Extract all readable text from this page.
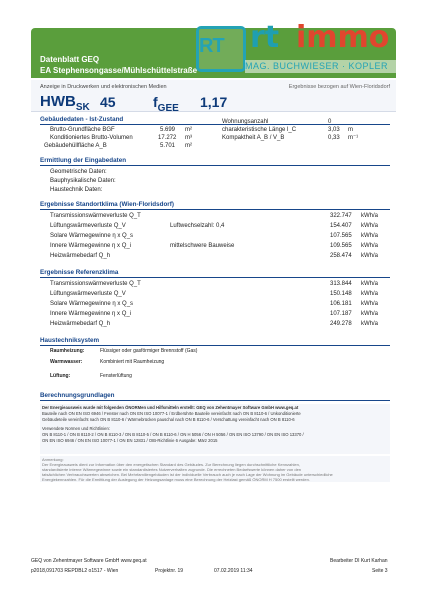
Datenblatt GEQ
EA Stephensongasse/Mühlschüttelstraße
RT rt immo
MAG. BUCHWIESER · KOPLER
Anzeige in Druckwerken und elektronischen Medien	Ergebnisse bezogen auf Wien-Floridsdorf
$HWB_{SK}$ 45	$f_{GEE}$ 1,17
Gebäudedaten - Ist-Zustand
Brutto-Grundfläche BGF	5.699 m²
Konditioniertes Brutto-Volumen	17.272 m³
Gebäudehüllfläche A_B	5.701 m²
Wohnungsanzahl	0
charakteristische Länge l_C	3,03 m
Kompaktheit A_B / V_B	0,33 m⁻¹
Ermittlung der Eingabedaten
Geometrische Daten:
Bauphysikalische Daten:
Haustechnik Daten:
Ergebnisse Standortklima (Wien-Floridsdorf)
Transmissionswärmeverluste Q_T	322.747 kWh/a
Lüftungswärmeverluste Q_V	Luftwechselzahl: 0,4	154.407 kWh/a
Solare Wärmegewinne η x Q_s	107.565 kWh/a
Innere Wärmegewinne η x Q_i	mittelschwere Bauweise	109.565 kWh/a
Heizwärmebedarf Q_h	258.474 kWh/a
Ergebnisse Referenzklima
Transmissionswärmeverluste Q_T	313.844 kWh/a
Lüftungswärmeverluste Q_V	150.148 kWh/a
Solare Wärmegewinne η x Q_s	106.181 kWh/a
Innere Wärmegewinne η x Q_i	107.187 kWh/a
Heizwärmebedarf Q_h	249.278 kWh/a
Haustechniksystem
Raumheizung:	Flüssiger oder gasförmiger Brennstoff (Gas)
Warmwasser:	Kombiniert mit Raumheizung
Lüftung:	Fensterlüftung
Berechnungsgrundlagen
Der Energieausweis wurde mit folgenden ÖNORMen und Hilfsmitteln erstellt: GEQ von Zehentmayer Software GmbH www.geq.at
Bauteile nach ON EN ISO 6946 / Fenster nach ON EN ISO 10077-1 / Erdberührte Bauteile vereinfacht nach ON B 8110-6 / Unkonditionierte
Gebäudeteile vereinfacht nach ON B 8110-6 / Wärmebrücken pauschal nach ON B 8110-6 / Verschattung vereinfacht nach ON B 8110-6
Verwendete Normen und Richtlinien:
ON B 8110-1 / ON B 8110-2 / ON B 8110-3 / ON B 8110-5 / ON B 8110-6 / ON H 5056 / ON H 5056 / ON EN ISO 13790 / ON EN ISO 13370 /
ON EN ISO 6946 / ON EN ISO 10077-1 / ON EN 12831 / OIB-Richtlinie 6 Ausgabe: März 2015
Anmerkung:
Der Energieausweis dient zur Information über den energetischen Standard des Gebäudes. Zur Berechnung liegen durchschnittliche Kennzahlen,
standardisierte interne Wärmegewinne sowie ein standardisiertes Nutzerverhalten zugrunde. Die errechneten Bedarfswerte können daher von den
tatsächlichen Verbrauchswerten abweichen. Bei Mehrfamiliengebäuden ist der individuelle Verbrauch auch je nach Lage der Wohnung im Gebäude unterschiedliche
Energiekennzahlen. Für die Ermittlung der Auslegung der Heizungsanlage muss eine Berechnung der Heizlast gemäß ÖNORM H 7500 erstellt werden.
GEQ von Zehentmayer Software GmbH www.geq.at
p2018,091703 REPDBL2 o1517 - Wien	Projektnr. 19	07.02.2019 11:34
Bearbeiter DI Kurt Karhan
Seite 3
